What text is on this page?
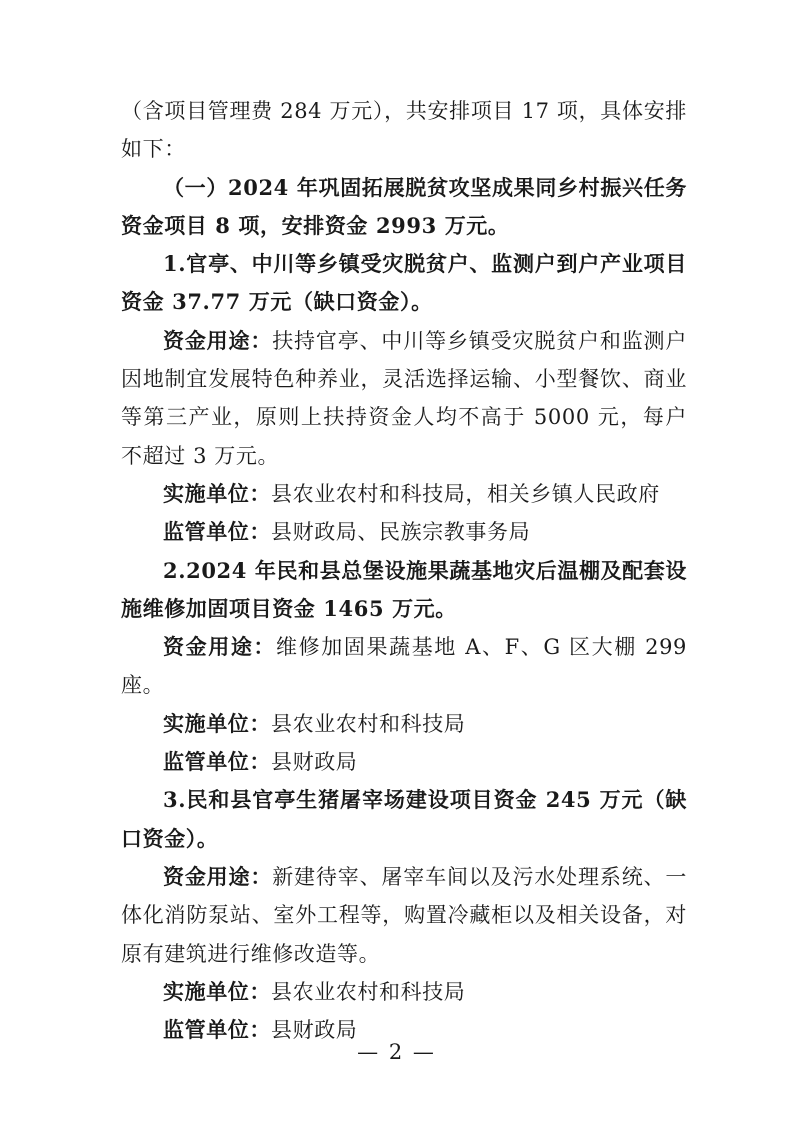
（含项目管理费 284 万元），共安排项目 17 项，具体安排如下：

（一）2024 年巩固拓展脱贫攻坚成果同乡村振兴任务资金项目 8 项，安排资金 2993 万元。

1.官亭、中川等乡镇受灾脱贫户、监测户到户产业项目资金 37.77 万元（缺口资金）。

资金用途：扶持官亭、中川等乡镇受灾脱贫户和监测户因地制宜发展特色种养业，灵活选择运输、小型餐饮、商业等第三产业，原则上扶持资金人均不高于 5000 元，每户不超过 3 万元。

实施单位：县农业农村和科技局，相关乡镇人民政府

监管单位：县财政局、民族宗教事务局

2.2024 年民和县总堡设施果蔬基地灾后温棚及配套设施维修加固项目资金 1465 万元。

资金用途：维修加固果蔬基地 A、F、G 区大棚 299 座。

实施单位：县农业农村和科技局

监管单位：县财政局

3.民和县官亭生猪屠宰场建设项目资金 245 万元（缺口资金）。

资金用途：新建待宰、屠宰车间以及污水处理系统、一体化消防泵站、室外工程等，购置冷藏柜以及相关设备，对原有建筑进行维修改造等。

实施单位：县农业农村和科技局

监管单位：县财政局

— 2 —
